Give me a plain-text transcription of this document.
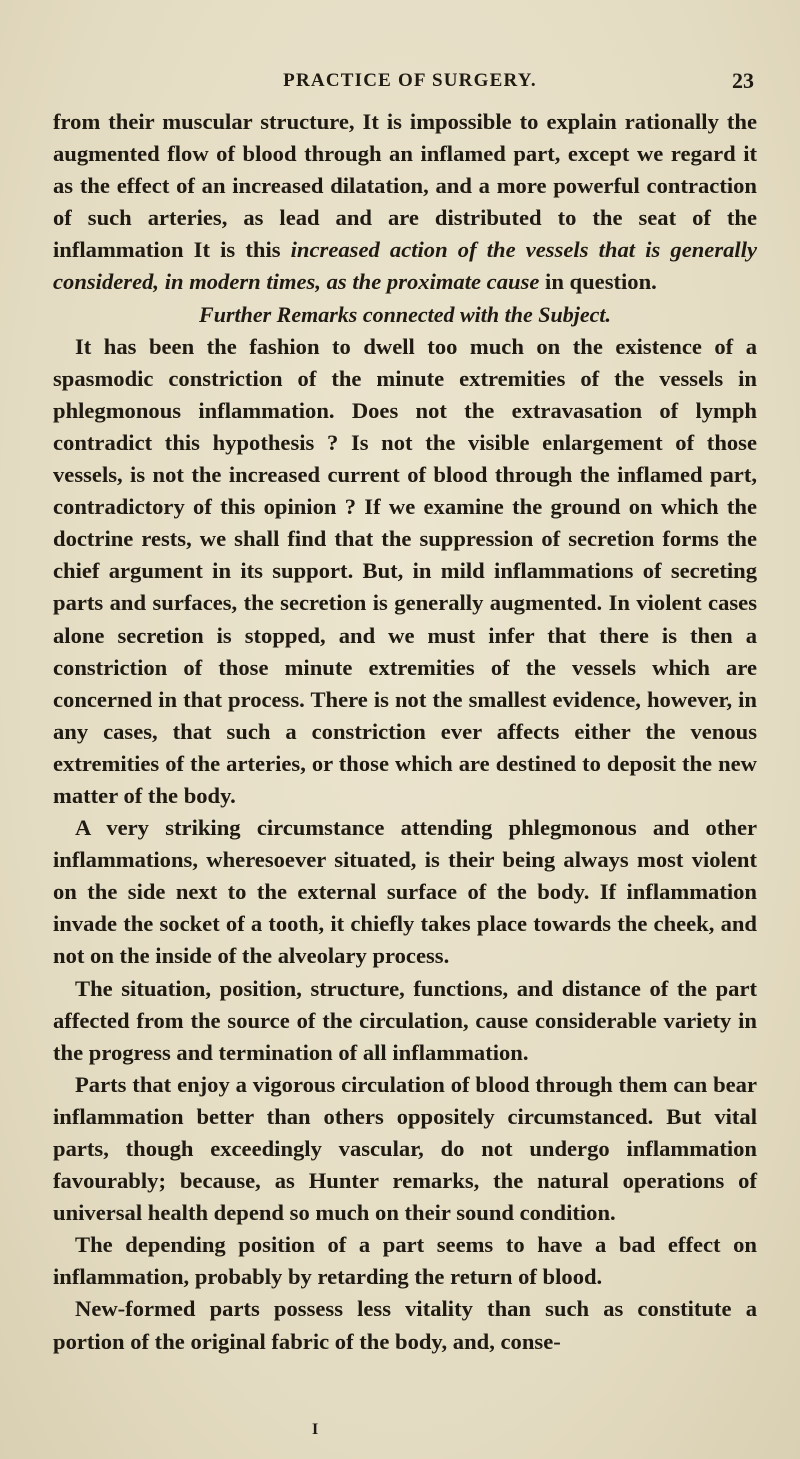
PRACTICE OF SURGERY.	23

from their muscular structure, It is impossible to explain rationally the augmented flow of blood through an inflamed part, except we regard it as the effect of an increased dilatation, and a more powerful contraction of such arteries, as lead and are distributed to the seat of the inflammation It is this increased action of the vessels that is generally considered, in modern times, as the proximate cause in question.

Further Remarks connected with the Subject.

It has been the fashion to dwell too much on the existence of a spasmodic constriction of the minute extremities of the vessels in phlegmonous inflammation. Does not the extravasation of lymph contradict this hypothesis ? Is not the visible enlargement of those vessels, is not the increased current of blood through the inflamed part, contradictory of this opinion ? If we examine the ground on which the doctrine rests, we shall find that the suppression of secretion forms the chief argument in its support. But, in mild inflammations of secreting parts and surfaces, the secretion is generally augmented. In violent cases alone secretion is stopped, and we must infer that there is then a constriction of those minute extremities of the vessels which are concerned in that process. There is not the smallest evidence, however, in any cases, that such a constriction ever affects either the venous extremities of the arteries, or those which are destined to deposit the new matter of the body.

A very striking circumstance attending phlegmonous and other inflammations, wheresoever situated, is their being always most violent on the side next to the external surface of the body. If inflammation invade the socket of a tooth, it chiefly takes place towards the cheek, and not on the inside of the alveolary process.

The situation, position, structure, functions, and distance of the part affected from the source of the circulation, cause considerable variety in the progress and termination of all inflammation.

Parts that enjoy a vigorous circulation of blood through them can bear inflammation better than others oppositely circumstanced. But vital parts, though exceedingly vascular, do not undergo inflammation favourably; because, as Hunter remarks, the natural operations of universal health depend so much on their sound condition.

The depending position of a part seems to have a bad effect on inflammation, probably by retarding the return of blood.

New-formed parts possess less vitality than such as constitute a portion of the original fabric of the body, and, conse-

I
